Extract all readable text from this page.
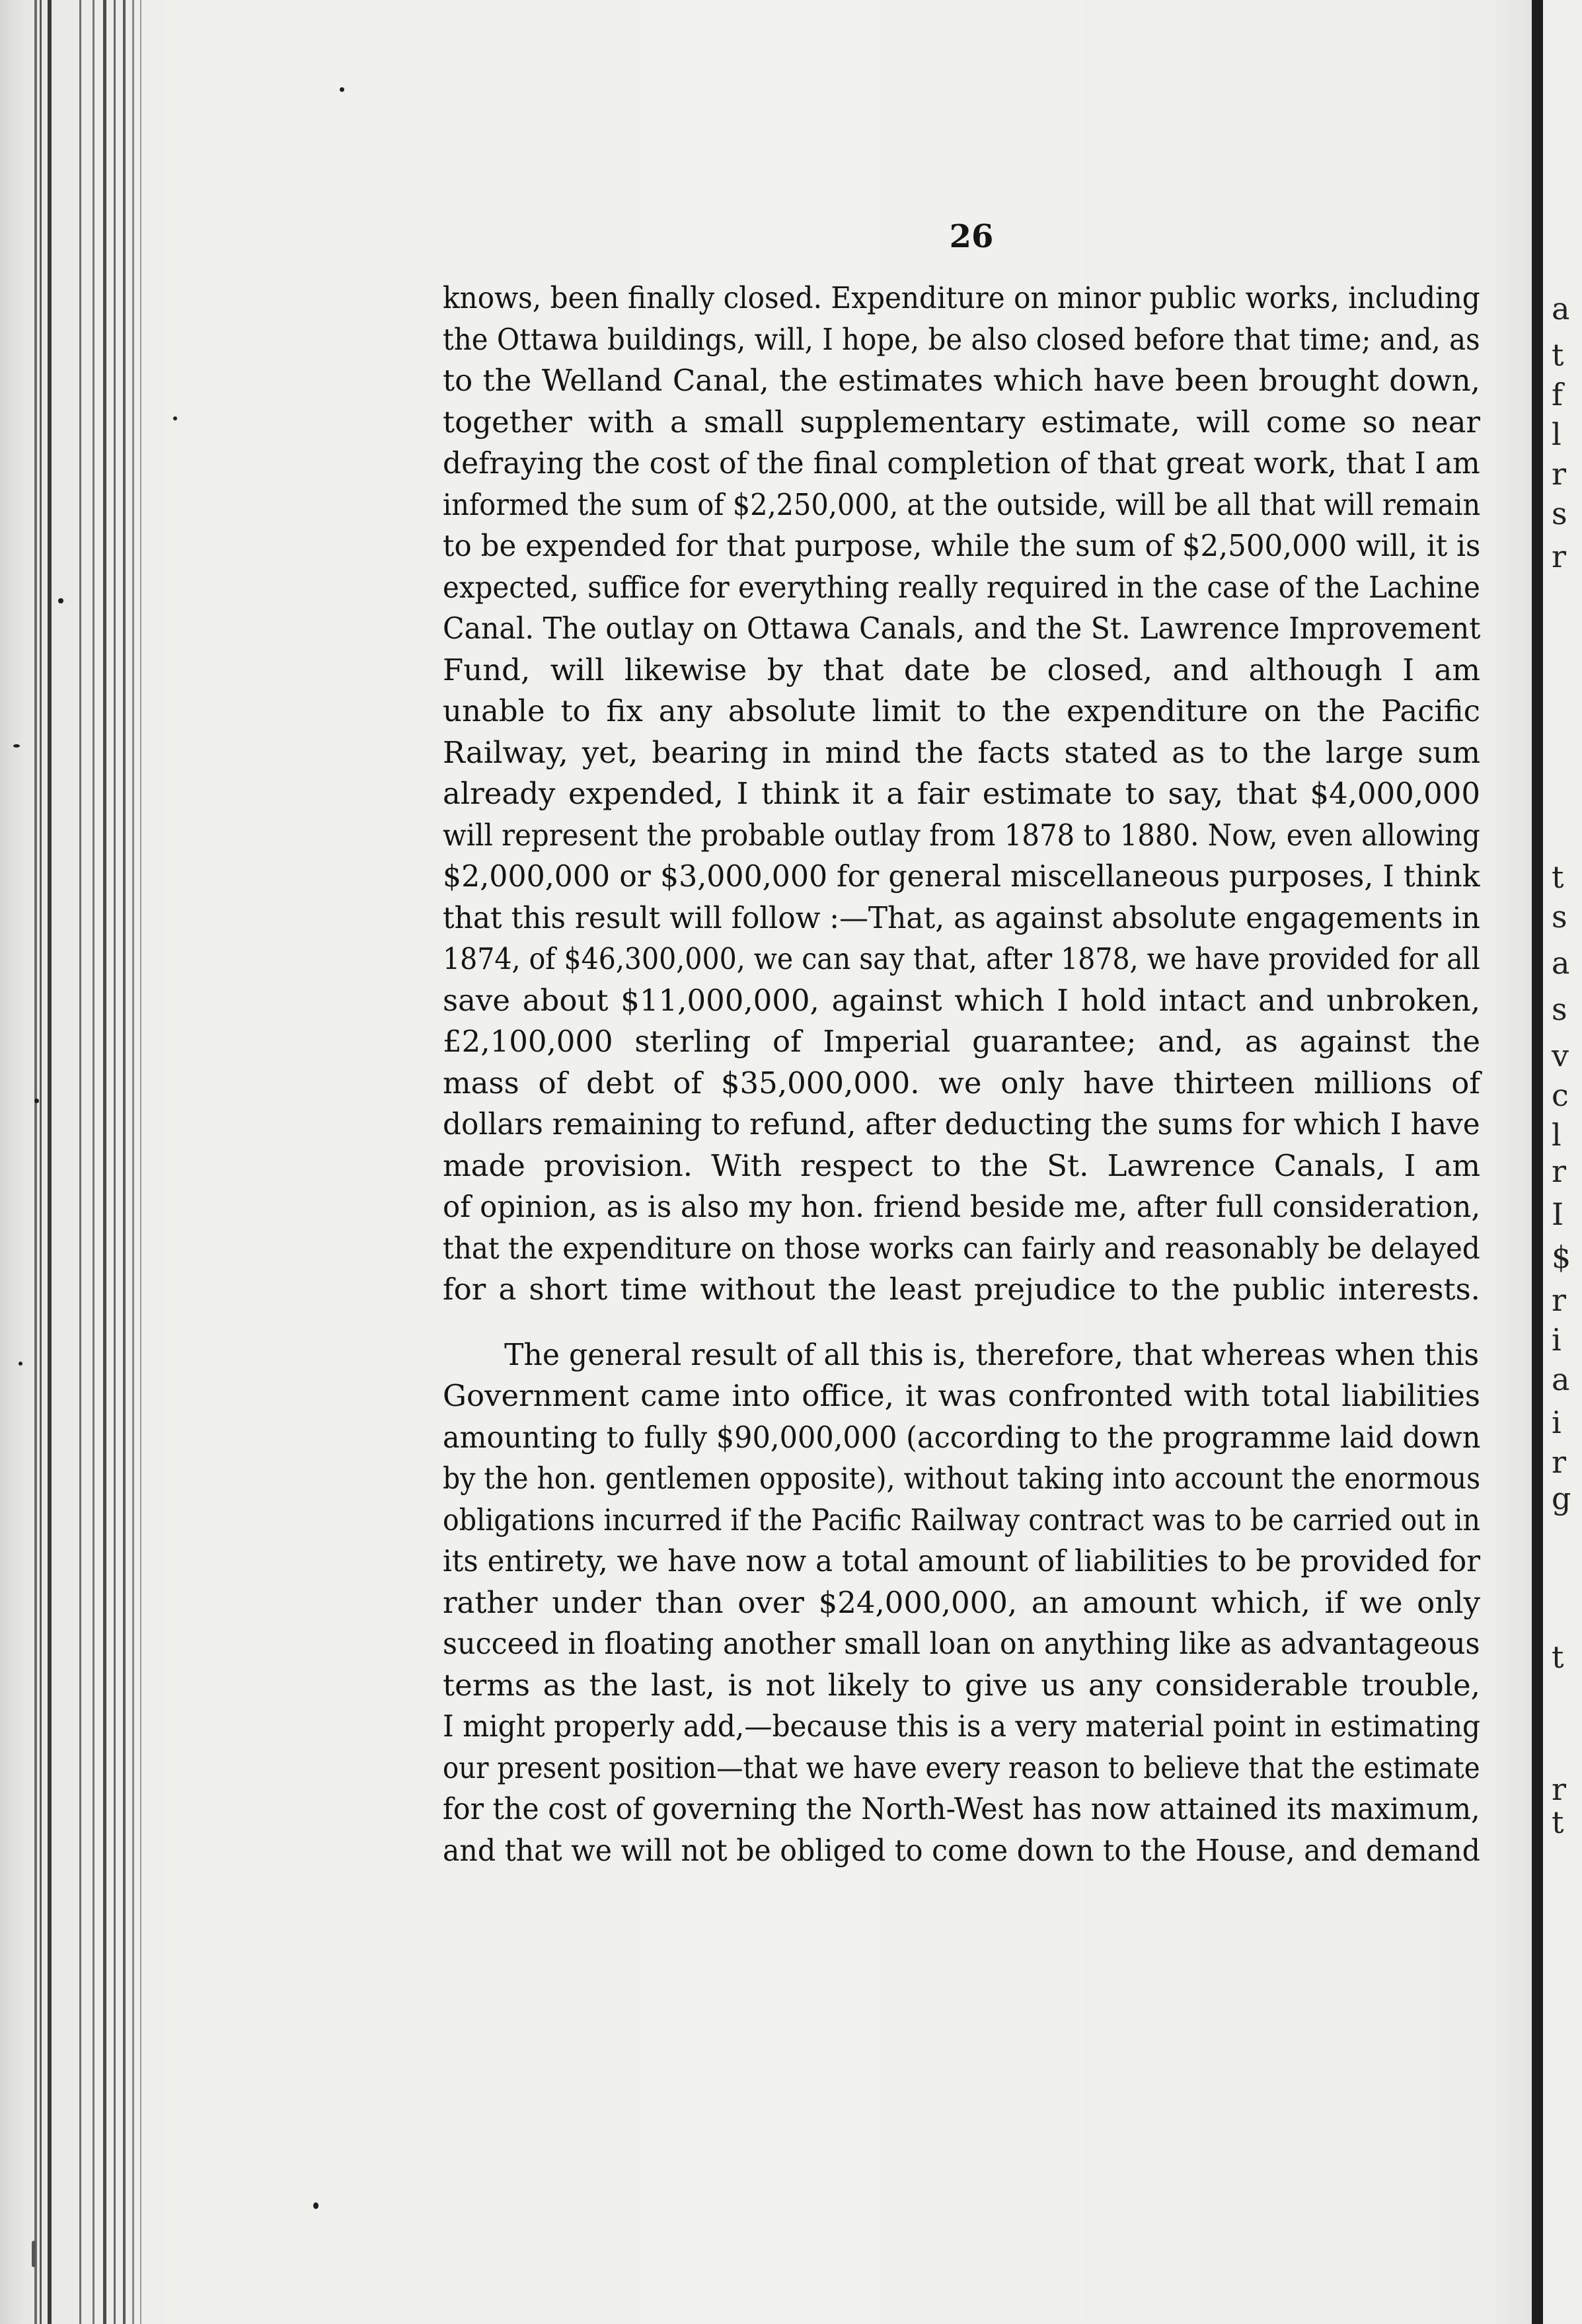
26
knows, been finally closed. Expenditure on minor public works, including
the Ottawa buildings, will, I hope, be also closed before that time; and, as
to the Welland Canal, the estimates which have been brought down,
together with a small supplementary estimate, will come so near
defraying the cost of the final completion of that great work, that I am
informed the sum of $2,250,000, at the outside, will be all that will remain
to be expended for that purpose, while the sum of $2,500,000 will, it is
expected, suffice for everything really required in the case of the Lachine
Canal. The outlay on Ottawa Canals, and the St. Lawrence Improvement
Fund, will likewise by that date be closed, and although I am
unable to fix any absolute limit to the expenditure on the Pacific
Railway, yet, bearing in mind the facts stated as to the large sum
already expended, I think it a fair estimate to say, that $4,000,000
will represent the probable outlay from 1878 to 1880. Now, even allowing
$2,000,000 or $3,000,000 for general miscellaneous purposes, I think
that this result will follow :—That, as against absolute engagements in
1874, of $46,300,000, we can say that, after 1878, we have provided for all
save about $11,000,000, against which I hold intact and unbroken,
£2,100,000 sterling of Imperial guarantee; and, as against the
mass of debt of $35,000,000. we only have thirteen millions of
dollars remaining to refund, after deducting the sums for which I have
made provision. With respect to the St. Lawrence Canals, I am
of opinion, as is also my hon. friend beside me, after full consideration,
that the expenditure on those works can fairly and reasonably be delayed
for a short time without the least prejudice to the public interests.
The general result of all this is, therefore, that whereas when this
Government came into office, it was confronted with total liabilities
amounting to fully $90,000,000 (according to the programme laid down
by the hon. gentlemen opposite), without taking into account the enormous
obligations incurred if the Pacific Railway contract was to be carried out in
its entirety, we have now a total amount of liabilities to be provided for
rather under than over $24,000,000, an amount which, if we only
succeed in floating another small loan on anything like as advantageous
terms as the last, is not likely to give us any considerable trouble,
I might properly add,—because this is a very material point in estimating
our present position—that we have every reason to believe that the estimate
for the cost of governing the North-West has now attained its maximum,
and that we will not be obliged to come down to the House, and demand
a
t
f
l
r
s
r
t
s
a
s
v
c
l
r
I
$
r
i
a
i
r
g
t
r
t
